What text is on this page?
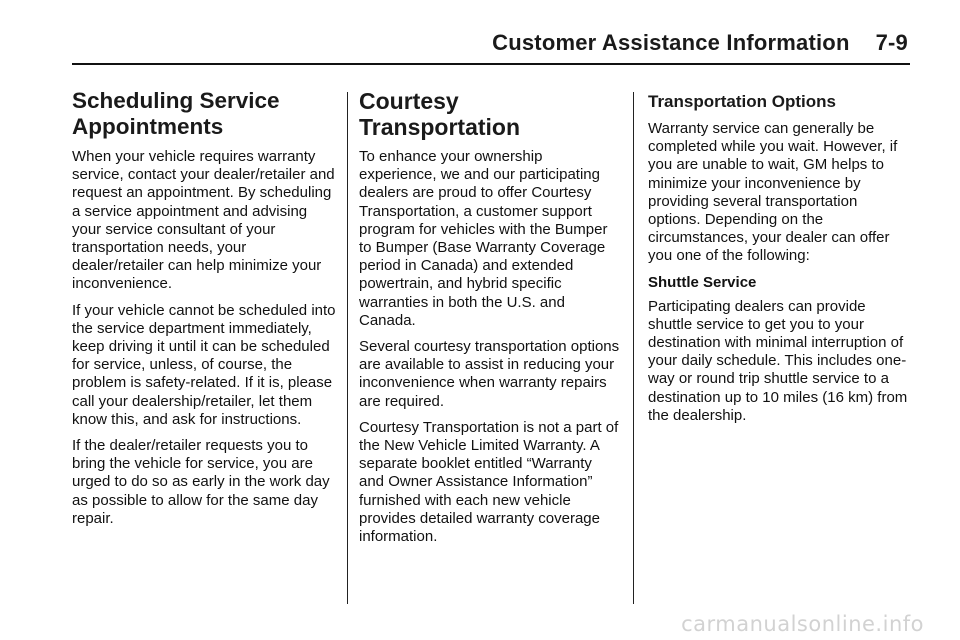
Customer Assistance Information 7-9
Scheduling Service Appointments

When your vehicle requires warranty service, contact your dealer/retailer and request an appointment. By scheduling a service appointment and advising your service consultant of your transportation needs, your dealer/retailer can help minimize your inconvenience.

If your vehicle cannot be scheduled into the service department immediately, keep driving it until it can be scheduled for service, unless, of course, the problem is safety-related. If it is, please call your dealership/retailer, let them know this, and ask for instructions.

If the dealer/retailer requests you to bring the vehicle for service, you are urged to do so as early in the work day as possible to allow for the same day repair.

Courtesy Transportation

To enhance your ownership experience, we and our participating dealers are proud to offer Courtesy Transportation, a customer support program for vehicles with the Bumper to Bumper (Base Warranty Coverage period in Canada) and extended powertrain, and hybrid specific warranties in both the U.S. and Canada.

Several courtesy transportation options are available to assist in reducing your inconvenience when warranty repairs are required.

Courtesy Transportation is not a part of the New Vehicle Limited Warranty. A separate booklet entitled “Warranty and Owner Assistance Information” furnished with each new vehicle provides detailed warranty coverage information.

Transportation Options

Warranty service can generally be completed while you wait. However, if you are unable to wait, GM helps to minimize your inconvenience by providing several transportation options. Depending on the circumstances, your dealer can offer you one of the following:

Shuttle Service

Participating dealers can provide shuttle service to get you to your destination with minimal interruption of your daily schedule. This includes one-way or round trip shuttle service to a destination up to 10 miles (16 km) from the dealership.

carmanualsonline.info
